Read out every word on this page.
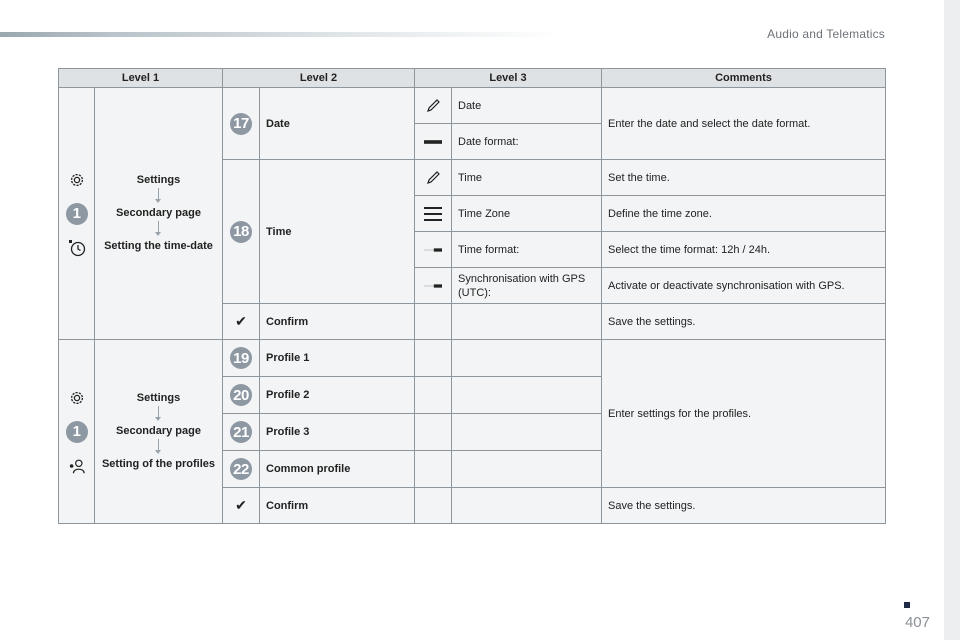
Audio and Telematics
407
Level 1		Level 2		Level 3		Comments

1	Settings
Secondary page
Setting the time-date	17	Date		Date	Enter the date and select the date format.

	Date format:	

18	Time		Time	Set the time.

	Time Zone	Define the time zone.

	Time format:	Select the time format: 12h / 24h.

	Synchronisation with GPS (UTC):	Activate or deactivate synchronisation with GPS.
		✔	Confirm			Save the settings.

1	Settings
Secondary page
Setting of the profiles	19	Profile 1			Enter settings for the profiles.

20	Profile 2			

21	Profile 3			

22	Common profile			
		✔	Confirm			Save the settings.
